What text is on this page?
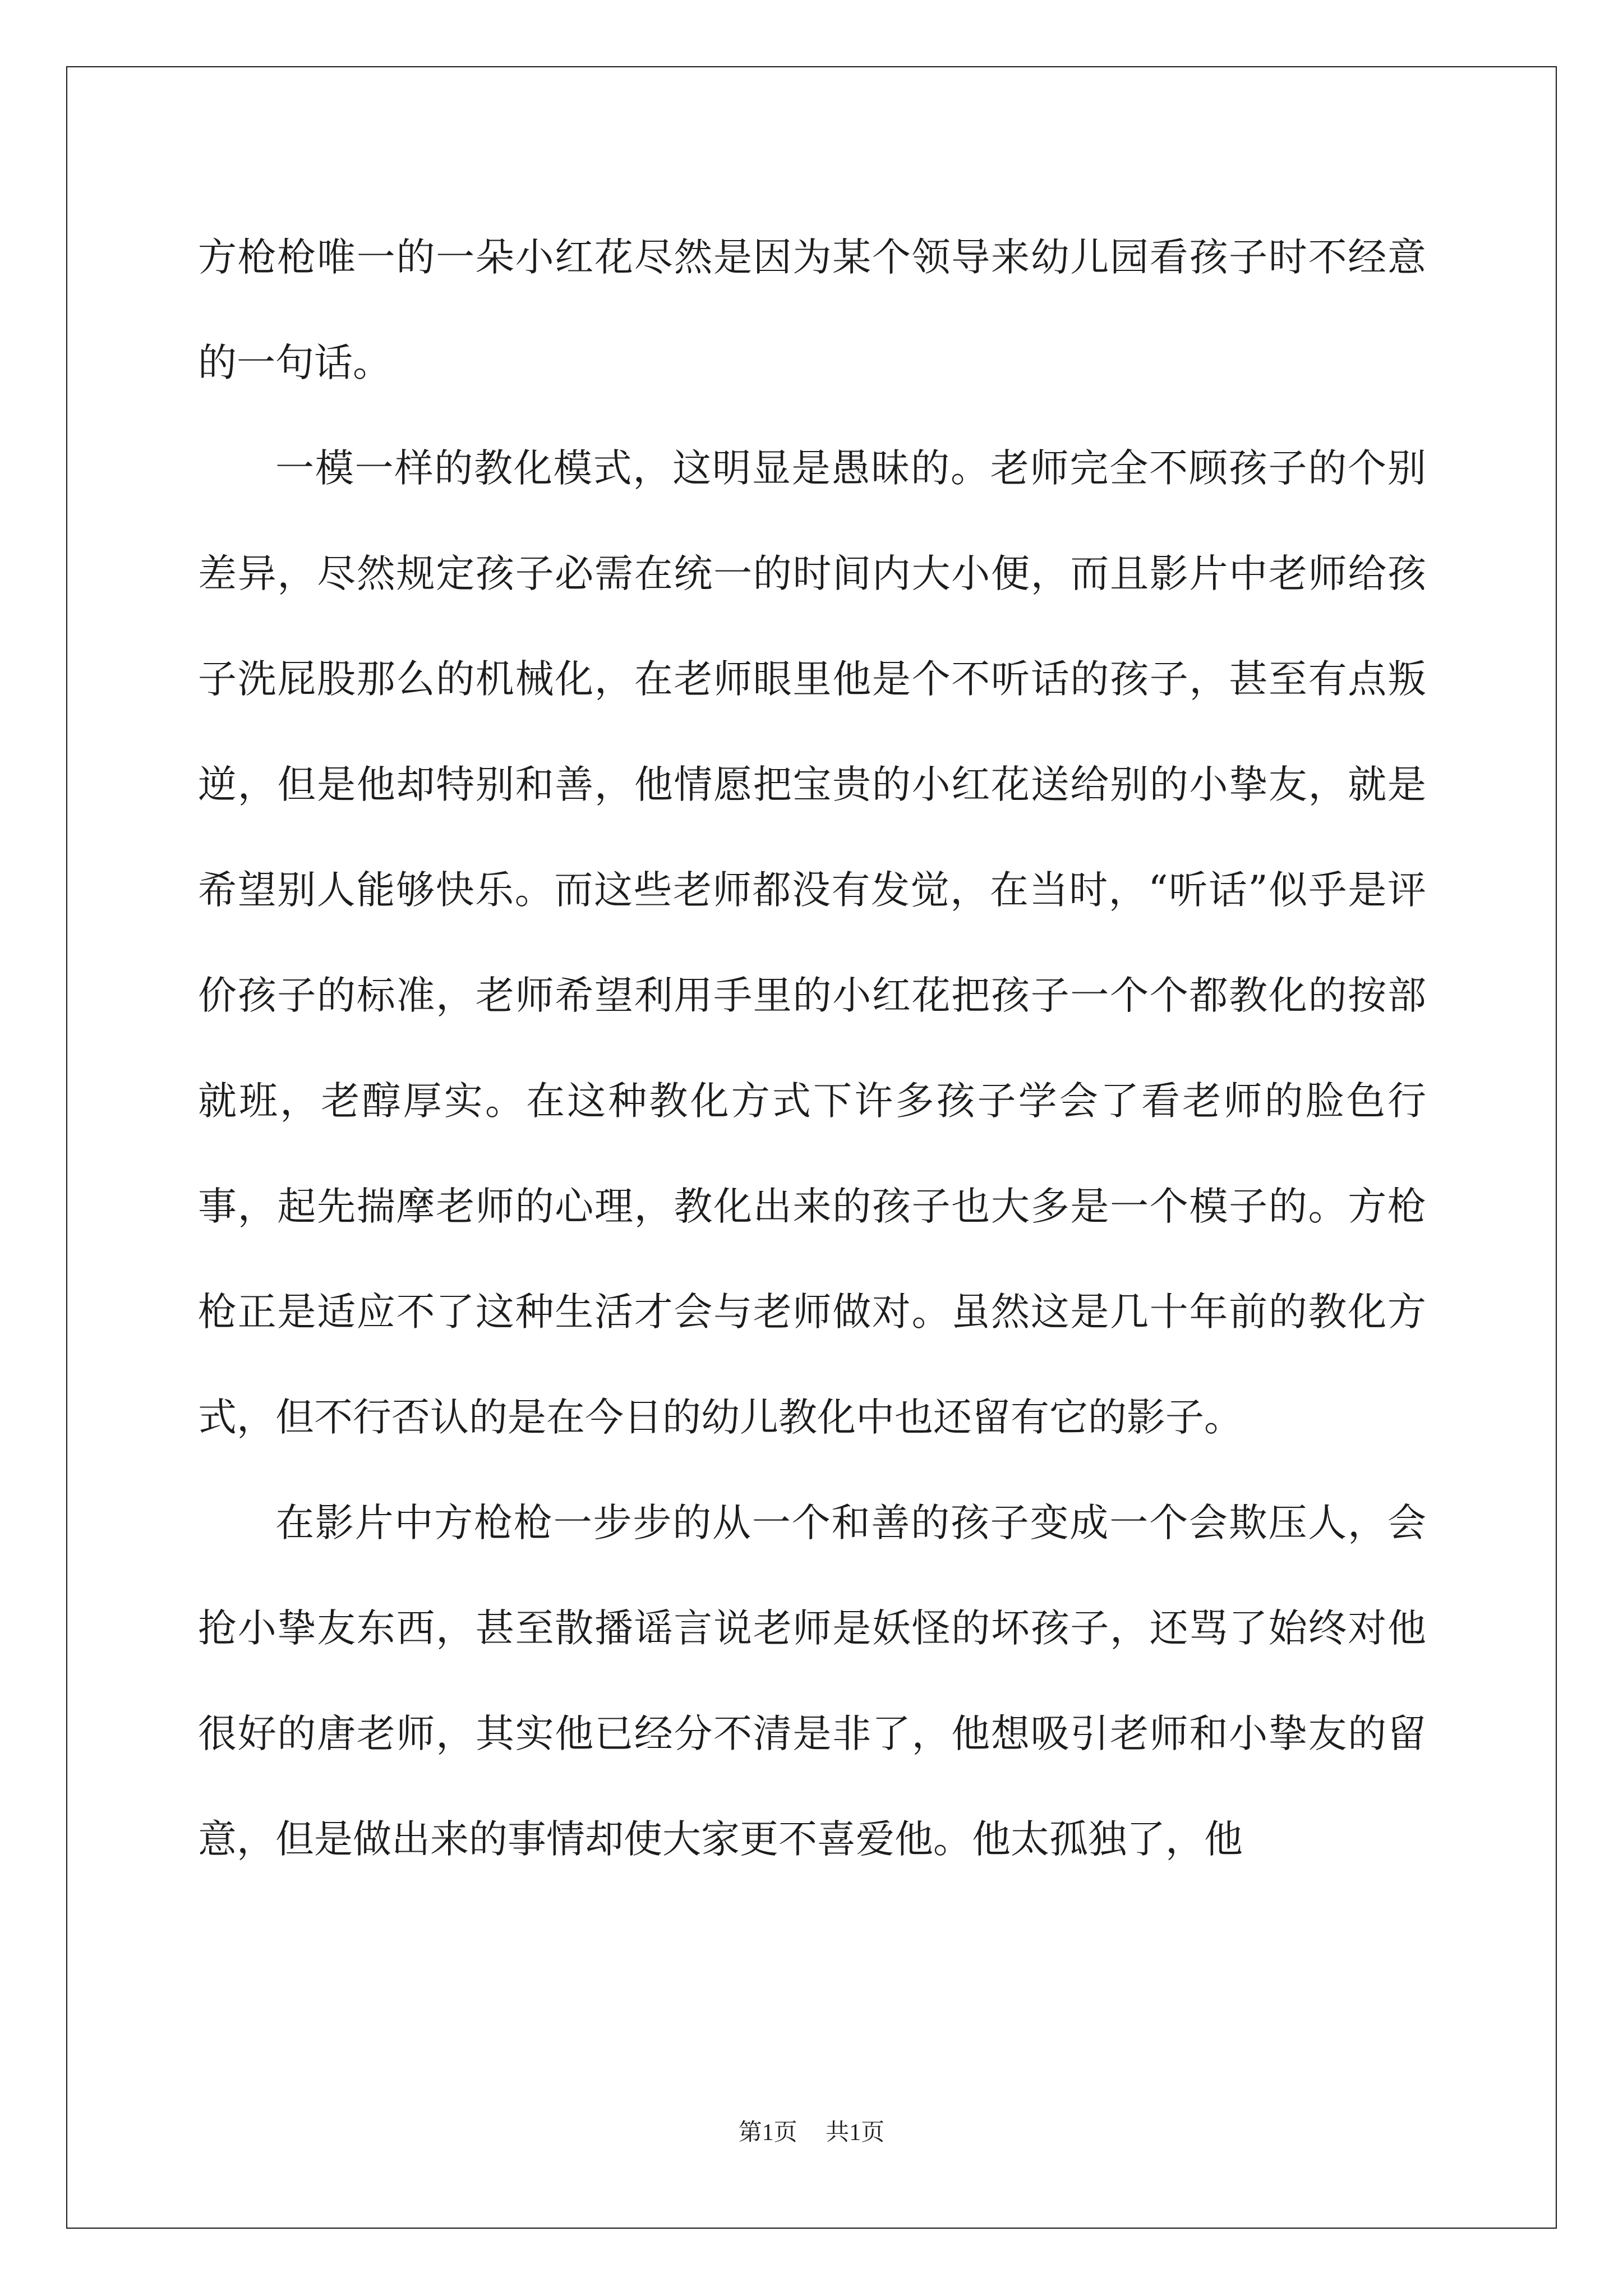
方枪枪唯一的一朵小红花尽然是因为某个领导来幼儿园看孩子时不经意的一句话。

一模一样的教化模式，这明显是愚昧的。老师完全不顾孩子的个别差异，尽然规定孩子必需在统一的时间内大小便，而且影片中老师给孩子洗屁股那么的机械化，在老师眼里他是个不听话的孩子，甚至有点叛逆，但是他却特别和善，他情愿把宝贵的小红花送给别的小挚友，就是希望别人能够快乐。而这些老师都没有发觉，在当时，“听话”似乎是评价孩子的标准，老师希望利用手里的小红花把孩子一个个都教化的按部就班，老醇厚实。在这种教化方式下许多孩子学会了看老师的脸色行事，起先揣摩老师的心理，教化出来的孩子也大多是一个模子的。方枪枪正是适应不了这种生活才会与老师做对。虽然这是几十年前的教化方式，但不行否认的是在今日的幼儿教化中也还留有它的影子。

在影片中方枪枪一步步的从一个和善的孩子变成一个会欺压人，会抢小挚友东西，甚至散播谣言说老师是妖怪的坏孩子，还骂了始终对他很好的唐老师，其实他已经分不清是非了，他想吸引老师和小挚友的留意，但是做出来的事情却使大家更不喜爱他。他太孤独了，他

第1页 共1页
